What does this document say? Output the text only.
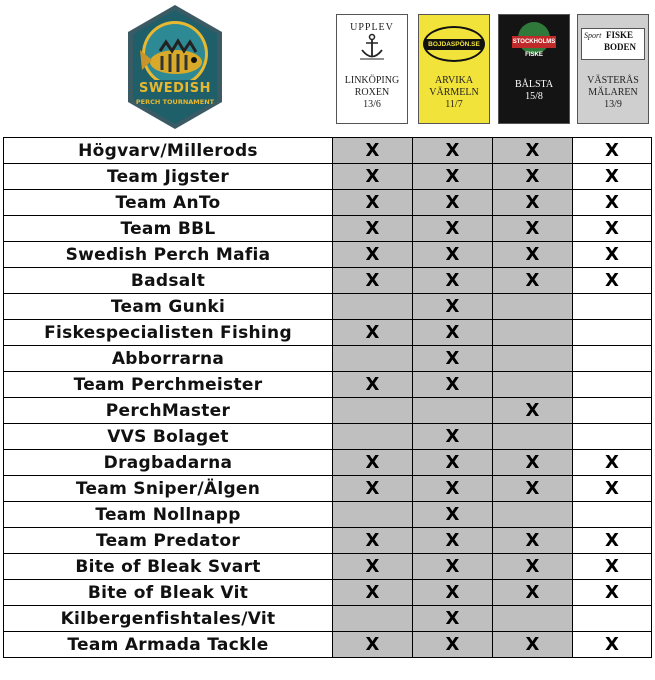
SWEDISH
PERCH TOURNAMENT
UPPLEV
LINKÖPING
ROXEN
13/6
BOJDASPÖN.SE
ARVIKA
VÄRMELN
11/7
STOCKHOLMS
FISKE
BÅLSTA
15/8
Sport FISKE
BODEN
VÄSTERÅS
MÄLAREN
13/9
Högvarv/Millerods	X	X	X	X
Team Jigster	X	X	X	X
Team AnTo	X	X	X	X
Team BBL	X	X	X	X
Swedish Perch Mafia	X	X	X	X
Badsalt	X	X	X	X
Team Gunki		X		
Fiskespecialisten Fishing	X	X		
Abborrarna		X		
Team Perchmeister	X	X		
PerchMaster			X	
VVS Bolaget		X		
Dragbadarna	X	X	X	X
Team Sniper/Älgen	X	X	X	X
Team Nollnapp		X		
Team Predator	X	X	X	X
Bite of Bleak Svart	X	X	X	X
Bite of Bleak Vit	X	X	X	X
Kilbergenfishtales/Vit		X		
Team Armada Tackle	X	X	X	X
